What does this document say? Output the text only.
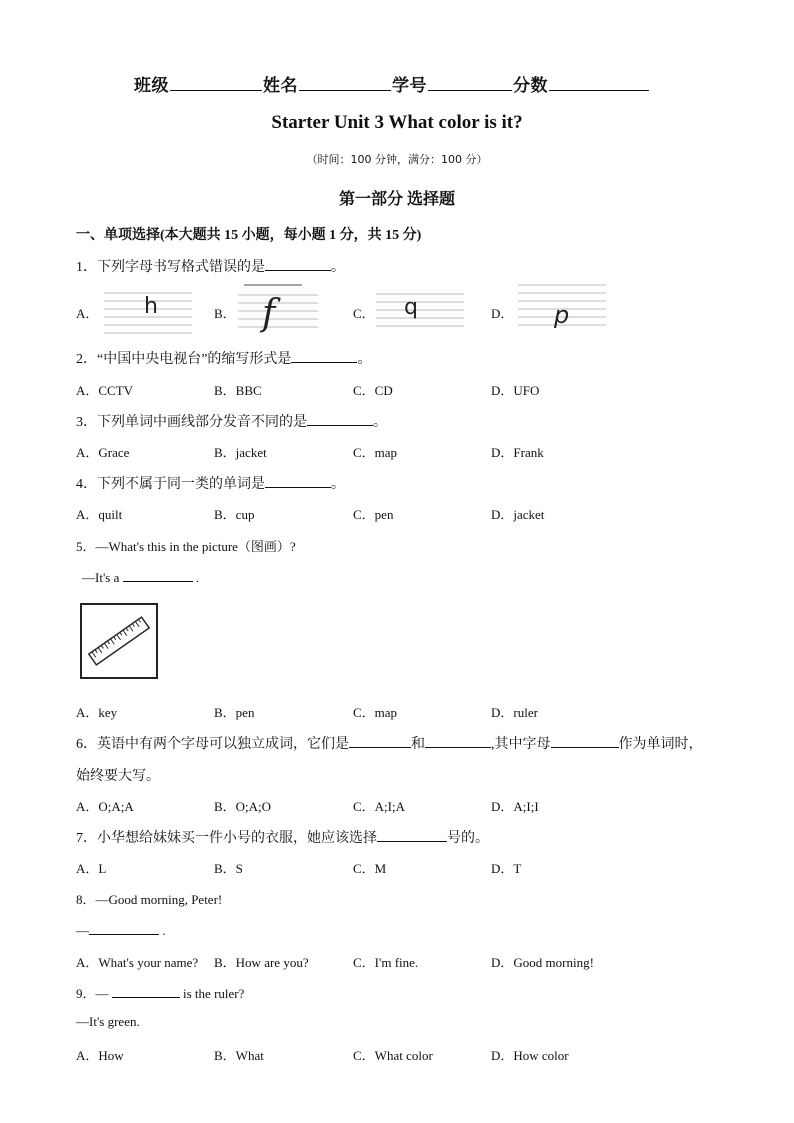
班级	姓名	学号	分数
Starter Unit 3 What color is it?
（时间：100 分钟，满分：100 分）
第一部分 选择题
一、单项选择(本大题共 15 小题，每小题 1 分，共 15 分)
1．下列字母书写格式错误的是	。
A．	B．	C．	D．
h	f	q	p
2．“中国中央电视台”的缩写形式是	。
A．CCTV	B．BBC	C．CD	D．UFO
3．下列单词中画线部分发音不同的是	。
A．Grace	B．jacket	C．map	D．Frank
4．下列不属于同一类的单词是	。
A．quilt	B．cup	C．pen	D．jacket
5．—What's this in the picture（图画）?
—It's a	.
A．key	B．pen	C．map	D．ruler
6．英语中有两个字母可以独立成词，它们是	和	,其中字母	作为单词时，
始终要大写。
A．O;A;A	B．O;A;O	C．A;I;A	D．A;I;I
7．小华想给妹妹买一件小号的衣服，她应该选择	号的。
A．L	B．S	C．M	D．T
8．—Good morning, Peter!
—	.
A．What's your name? B．How are you?	C．I'm fine.	D．Good morning!
9．—	is the ruler?
—It's green.
A．How	B．What	C．What color	D．How color
